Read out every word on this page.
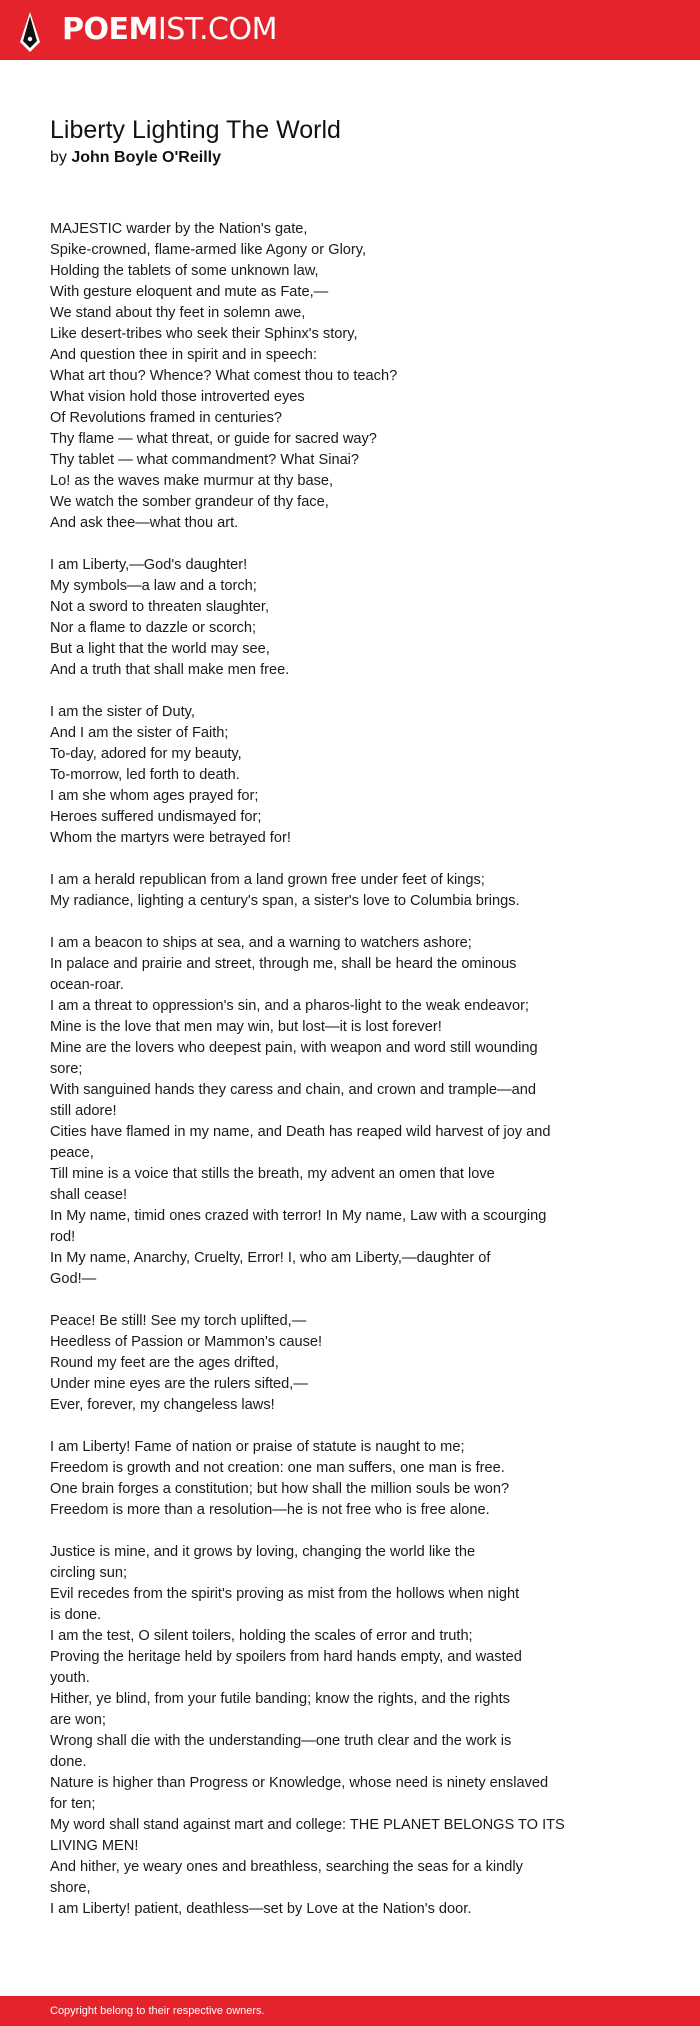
POEMIST.COM
Liberty Lighting The World
by John Boyle O'Reilly
MAJESTIC warder by the Nation's gate,
Spike-crowned, flame-armed like Agony or Glory,
Holding the tablets of some unknown law,
With gesture eloquent and mute as Fate,—
We stand about thy feet in solemn awe,
Like desert-tribes who seek their Sphinx's story,
And question thee in spirit and in speech:
What art thou? Whence? What comest thou to teach?
What vision hold those introverted eyes
Of Revolutions framed in centuries?
Thy flame — what threat, or guide for sacred way?
Thy tablet — what commandment? What Sinai?
Lo! as the waves make murmur at thy base,
We watch the somber grandeur of thy face,
And ask thee—what thou art.
I am Liberty,—God's daughter!
My symbols—a law and a torch;
Not a sword to threaten slaughter,
Nor a flame to dazzle or scorch;
But a light that the world may see,
And a truth that shall make men free.
I am the sister of Duty,
And I am the sister of Faith;
To-day, adored for my beauty,
To-morrow, led forth to death.
I am she whom ages prayed for;
Heroes suffered undismayed for;
Whom the martyrs were betrayed for!
I am a herald republican from a land grown free under feet of kings;
My radiance, lighting a century's span, a sister's love to Columbia brings.
I am a beacon to ships at sea, and a warning to watchers ashore;
In palace and prairie and street, through me, shall be heard the ominous
ocean-roar.
I am a threat to oppression's sin, and a pharos-light to the weak endeavor;
Mine is the love that men may win, but lost—it is lost forever!
Mine are the lovers who deepest pain, with weapon and word still wounding
sore;
With sanguined hands they caress and chain, and crown and trample—and
still adore!
Cities have flamed in my name, and Death has reaped wild harvest of joy and
peace,
Till mine is a voice that stills the breath, my advent an omen that love
shall cease!
In My name, timid ones crazed with terror! In My name, Law with a scourging
rod!
In My name, Anarchy, Cruelty, Error! I, who am Liberty,—daughter of
God!—
Peace! Be still! See my torch uplifted,—
Heedless of Passion or Mammon's cause!
Round my feet are the ages drifted,
Under mine eyes are the rulers sifted,—
Ever, forever, my changeless laws!
I am Liberty! Fame of nation or praise of statute is naught to me;
Freedom is growth and not creation: one man suffers, one man is free.
One brain forges a constitution; but how shall the million souls be won?
Freedom is more than a resolution—he is not free who is free alone.
Justice is mine, and it grows by loving, changing the world like the
circling sun;
Evil recedes from the spirit's proving as mist from the hollows when night
is done.
I am the test, O silent toilers, holding the scales of error and truth;
Proving the heritage held by spoilers from hard hands empty, and wasted
youth.
Hither, ye blind, from your futile banding; know the rights, and the rights
are won;
Wrong shall die with the understanding—one truth clear and the work is
done.
Nature is higher than Progress or Knowledge, whose need is ninety enslaved
for ten;
My word shall stand against mart and college: THE PLANET BELONGS TO ITS
LIVING MEN!
And hither, ye weary ones and breathless, searching the seas for a kindly
shore,
I am Liberty! patient, deathless—set by Love at the Nation's door.
Copyright belong to their respective owners.
